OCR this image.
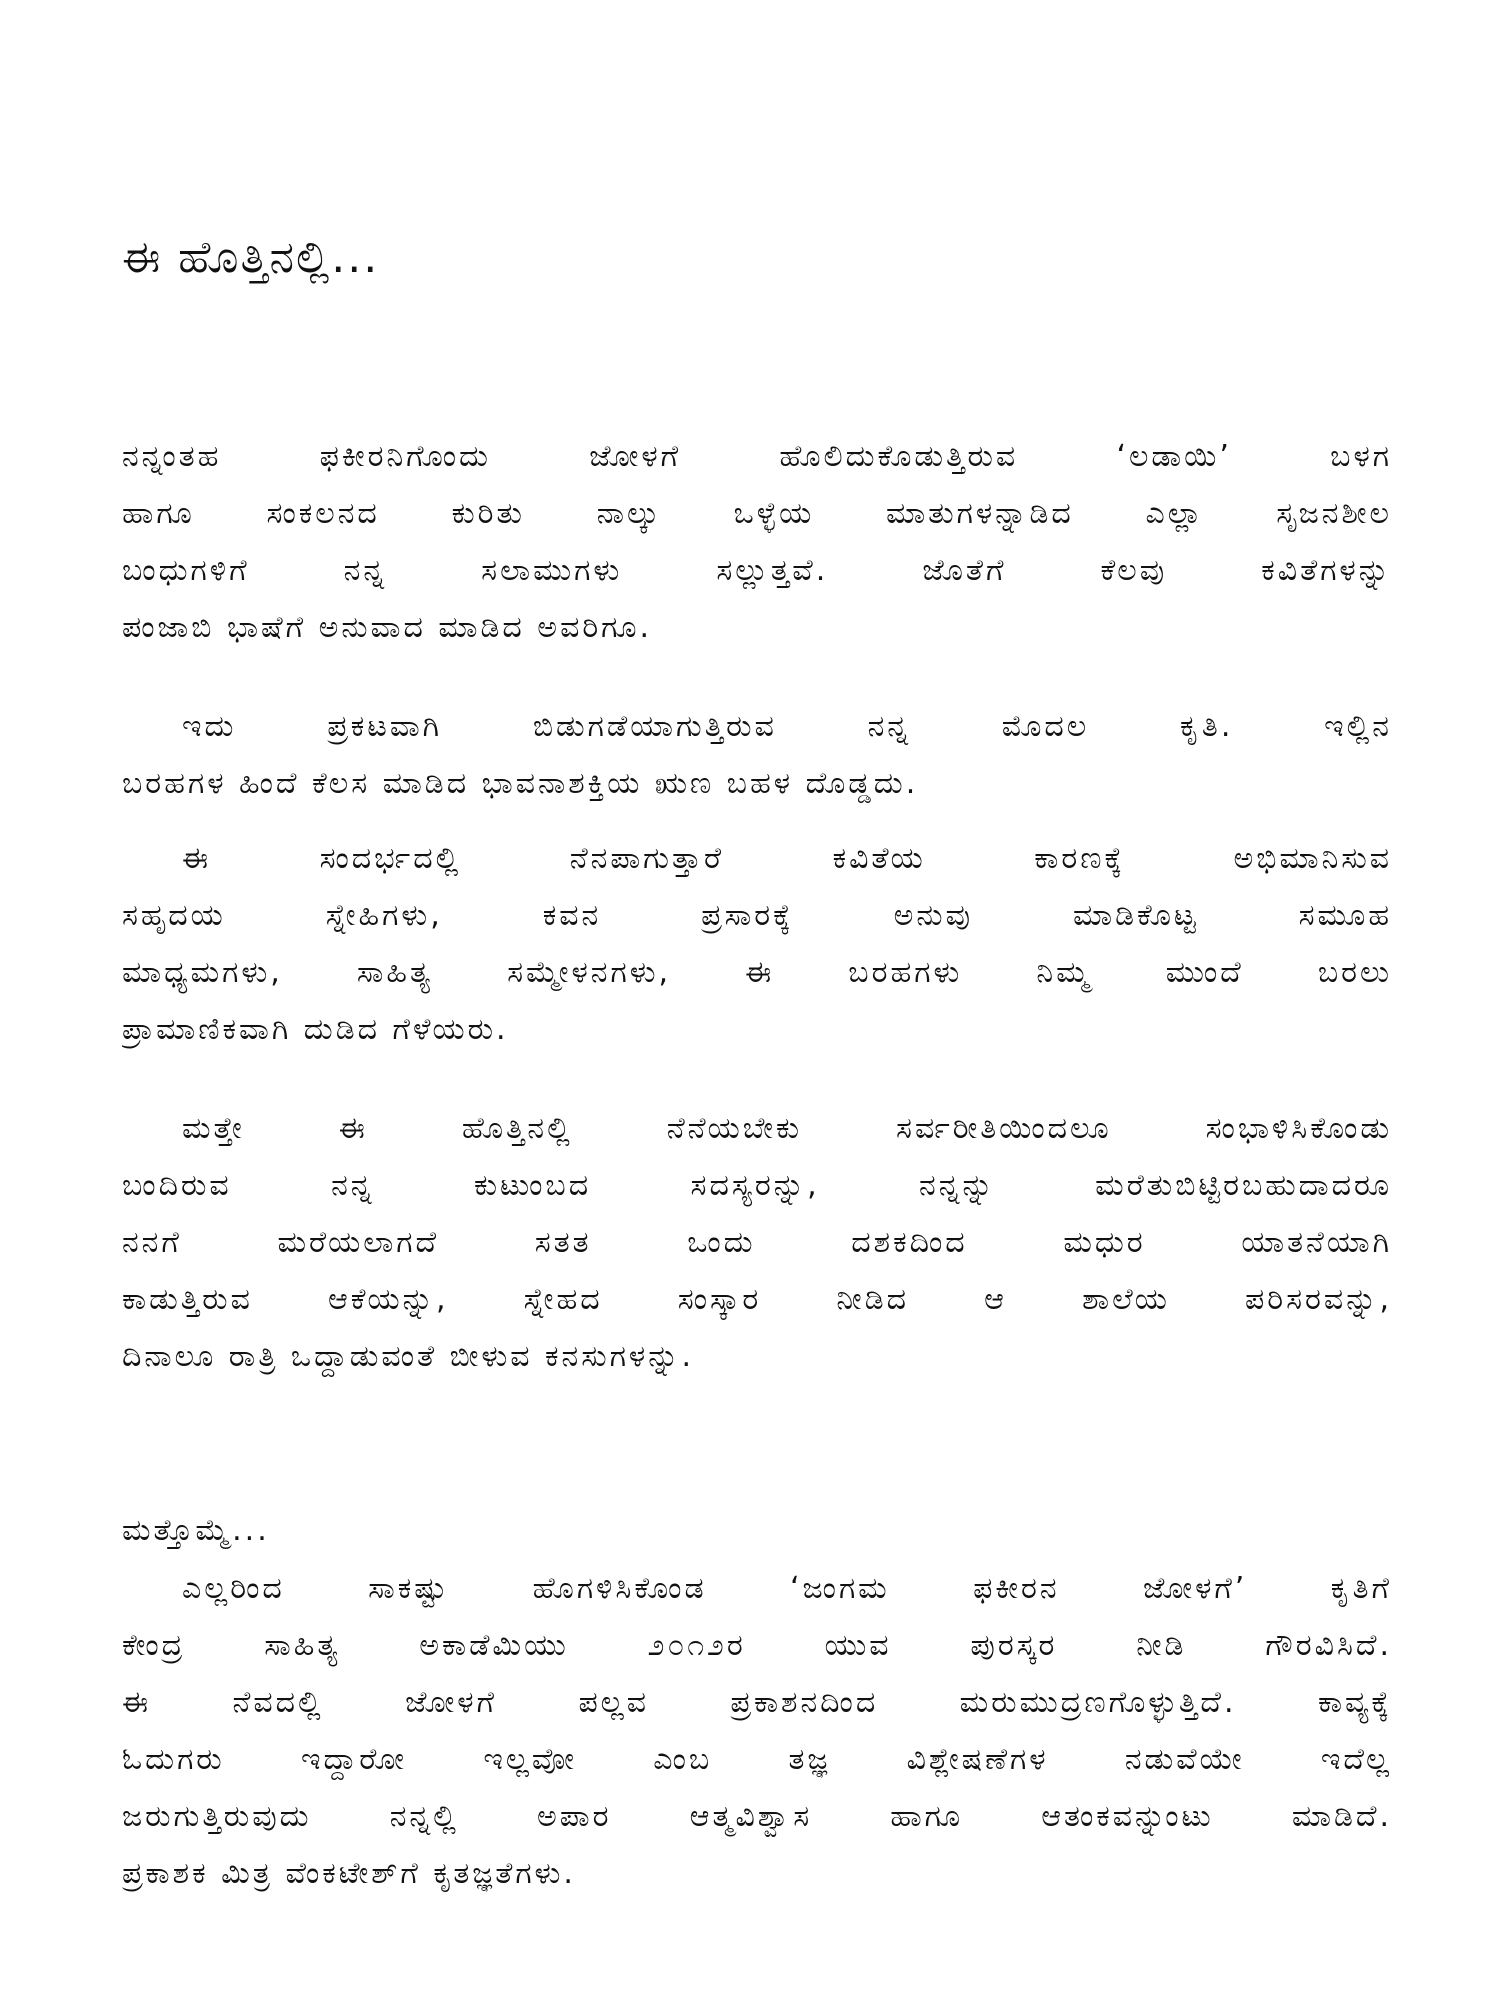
ಈ ಹೊತ್ತಿನಲ್ಲಿ...
ನನ್ನಂತಹ ಫಕೀರನಿಗೊಂದು ಜೋಳಗೆ ಹೊಲಿದುಕೊಡುತ್ತಿರುವ ‘ಲಡಾಯಿ’ ಬಳಗ
ಹಾಗೂ ಸಂಕಲನದ ಕುರಿತು ನಾಲ್ಕು ಒಳ್ಳೆಯ ಮಾತುಗಳನ್ನಾಡಿದ ಎಲ್ಲಾ ಸೃಜನಶೀಲ
ಬಂಧುಗಳಿಗೆ ನನ್ನ ಸಲಾಮುಗಳು ಸಲ್ಲುತ್ತವೆ. ಜೊತೆಗೆ ಕೆಲವು ಕವಿತೆಗಳನ್ನು
ಪಂಜಾಬಿ ಭಾಷೆಗೆ ಅನುವಾದ ಮಾಡಿದ ಅವರಿಗೂ.
ಇದು ಪ್ರಕಟವಾಗಿ ಬಿಡುಗಡೆಯಾಗುತ್ತಿರುವ ನನ್ನ ಮೊದಲ ಕೃತಿ. ಇಲ್ಲಿನ
ಬರಹಗಳ ಹಿಂದೆ ಕೆಲಸ ಮಾಡಿದ ಭಾವನಾಶಕ್ತಿಯ ಋಣ ಬಹಳ ದೊಡ್ಡದು.
ಈ ಸಂದರ್ಭದಲ್ಲಿ ನೆನಪಾಗುತ್ತಾರೆ ಕವಿತೆಯ ಕಾರಣಕ್ಕೆ ಅಭಿಮಾನಿಸುವ
ಸಹೃದಯ ಸ್ನೇಹಿಗಳು, ಕವನ ಪ್ರಸಾರಕ್ಕೆ ಅನುವು ಮಾಡಿಕೊಟ್ಟ ಸಮೂಹ
ಮಾಧ್ಯಮಗಳು, ಸಾಹಿತ್ಯ ಸಮ್ಮೇಳನಗಳು, ಈ ಬರಹಗಳು ನಿಮ್ಮ ಮುಂದೆ ಬರಲು
ಪ್ರಾಮಾಣಿಕವಾಗಿ ದುಡಿದ ಗೆಳೆಯರು.
ಮತ್ತೇ ಈ ಹೊತ್ತಿನಲ್ಲಿ ನೆನೆಯಬೇಕು ಸರ್ವರೀತಿಯಿಂದಲೂ ಸಂಭಾಳಿಸಿಕೊಂಡು
ಬಂದಿರುವ ನನ್ನ ಕುಟುಂಬದ ಸದಸ್ಯರನ್ನು, ನನ್ನನ್ನು ಮರೆತುಬಿಟ್ಟಿರಬಹುದಾದರೂ
ನನಗೆ ಮರೆಯಲಾಗದೆ ಸತತ ಒಂದು ದಶಕದಿಂದ ಮಧುರ ಯಾತನೆಯಾಗಿ
ಕಾಡುತ್ತಿರುವ ಆಕೆಯನ್ನು, ಸ್ನೇಹದ ಸಂಸ್ಕಾರ ನೀಡಿದ ಆ ಶಾಲೆಯ ಪರಿಸರವನ್ನು,
ದಿನಾಲೂ ರಾತ್ರಿ ಒದ್ದಾಡುವಂತೆ ಬೀಳುವ ಕನಸುಗಳನ್ನು.
ಮತ್ತೊಮ್ಮೆ...
ಎಲ್ಲರಿಂದ ಸಾಕಷ್ಟು ಹೊಗಳಿಸಿಕೊಂಡ ‘ಜಂಗಮ ಫಕೀರನ ಜೋಳಗೆ’ ಕೃತಿಗೆ
ಕೇಂದ್ರ ಸಾಹಿತ್ಯ ಅಕಾಡೆಮಿಯು ೨೦೧೨ರ ಯುವ ಪುರಸ್ಕರ ನೀಡಿ ಗೌರವಿಸಿದೆ.
ಈ ನೆವದಲ್ಲಿ ಜೋಳಗೆ ಪಲ್ಲವ ಪ್ರಕಾಶನದಿಂದ ಮರುಮುದ್ರಣಗೊಳ್ಳುತ್ತಿದೆ. ಕಾವ್ಯಕ್ಕೆ
ಓದುಗರು ಇದ್ದಾರೋ ಇಲ್ಲವೋ ಎಂಬ ತಜ್ಞ ವಿಶ್ಲೇಷಣೆಗಳ ನಡುವೆಯೇ ಇದೆಲ್ಲ
ಜರುಗುತ್ತಿರುವುದು ನನ್ನಲ್ಲಿ ಅಪಾರ ಆತ್ಮವಿಶ್ವಾಸ ಹಾಗೂ ಆತಂಕವನ್ನುಂಟು ಮಾಡಿದೆ.
ಪ್ರಕಾಶಕ ಮಿತ್ರ ವೆಂಕಟೇಶ್‌ಗೆ ಕೃತಜ್ಞತೆಗಳು.
